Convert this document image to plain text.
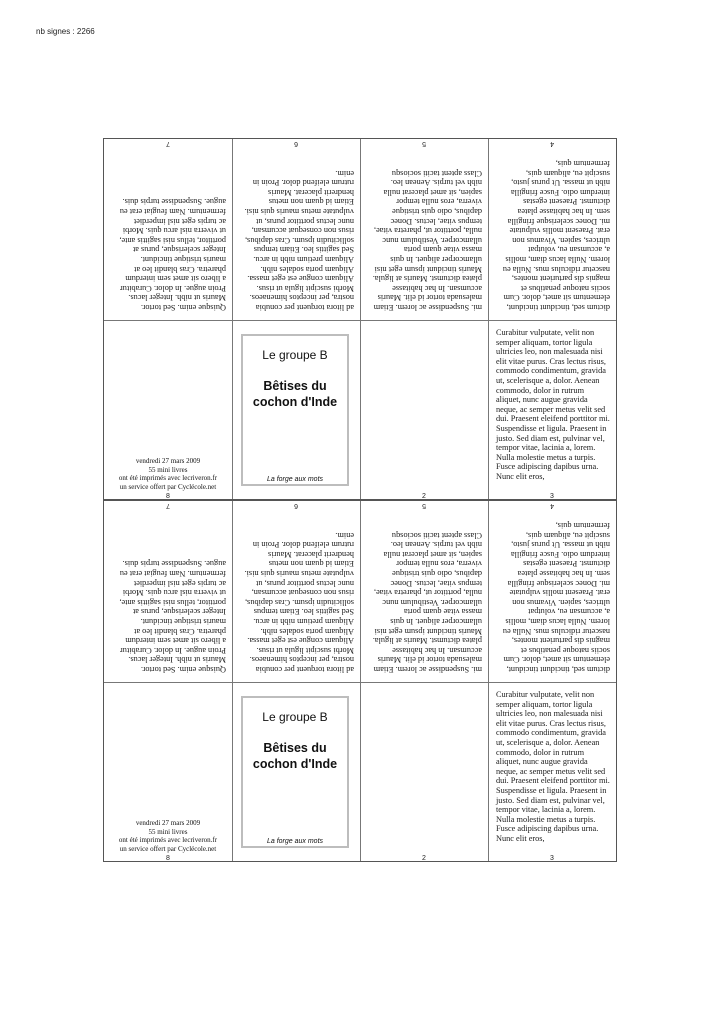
nb signes : 2266
Quisque enim. Sed tortor. Mauris ut nibh. Integer lacus. Proin augue. In dolor. Curabitur a libero sit amet sem interdum pharetra. Cras blandit leo at mauris tristique tincidunt. Integer scelerisque, purus at porttitor, tellus nisi sagittis ante, ut viverra nisl arcu quis. Morbi ac turpis eget nisl imperdiet fermentum. Nam feugiat erat eu augue. Suspendisse turpis duis.
7
ad litora torquent per conubia nostra, per inceptos himenaeos. Morbi suscipit ligula ut risus. Aliquam congue est eget massa. Aliquam porta sodales nibh. Aliquam pretium nibh in arcu. Sed sagittis leo. Etiam tempus sollicitudin ipsum. Cras dapibus, risus non consequat accumsan, nunc lectus porttitor purus, ut vulputate metus mauris quis nisi. Etiam id quam non metus hendrerit placerat. Mauris rutrum eleifend dolor. Proin in enim.
6
mi. Suspendisse ac lorem. Etiam malesuada tortor id elit. Mauris accumsan. In hac habitasse platea dictumst. Mauris at ligula. Mauris tincidunt ipsum eget nisi ullamcorper aliquet. In quis massa vitae quam porta ullamcorper. Vestibulum nunc nulla, porttitor ut, pharetra vitae, tempus vitae, lectus. Donec dapibus, odio quis tristique viverra, eros nulla tempor sapien, sit amet placerat nulla nibh vel turpis. Aenean leo. Class aptent taciti sociosqu
5
dictum sed, tincidunt tincidunt, elementum sit amet, dolor. Cum sociis natoque penatibus et magnis dis parturient montes, nascetur ridiculus mus. Nulla eu lorem. Nulla lacus diam, mollis a, accumsan eu, volutpat ultrices, sapien. Vivamus non erat. Praesent mollis vulputate mi. Donec scelerisque fringilla sem. In hac habitasse platea dictumst. Praesent egestas interdum odio. Fusce fringilla nibh ut massa. Ut purus justo, suscipit eu, aliquam quis, fermentum quis,
4
vendredi 27 mars 2009
55 mini livres
ont été imprimés avec lecriveron.fr
un service offert par Cyclécole.net
8
Le groupe B
Bêtises du cochon d'Inde
La forge aux mots
2
Curabitur vulputate, velit non semper aliquam, tortor ligula ultricies leo, non malesuada nisi elit vitae purus. Cras lectus risus, commodo condimentum, gravida ut, scelerisque a, dolor. Aenean commodo, dolor in rutrum aliquet, nunc augue gravida neque, ac semper metus velit sed dui. Praesent eleifend porttitor mi. Suspendisse et ligula. Praesent in justo. Sed diam est, pulvinar vel, tempor vitae, lacinia a, lorem. Nulla molestie metus a turpis. Fusce adipiscing dapibus urna. Nunc elit eros,
3
Quisque enim. Sed tortor. Mauris ut nibh. Integer lacus. Proin augue. In dolor. Curabitur a libero sit amet sem interdum pharetra. Cras blandit leo at mauris tristique tincidunt. Integer scelerisque, purus at porttitor, tellus nisi sagittis ante, ut viverra nisl arcu quis. Morbi ac turpis eget nisl imperdiet fermentum. Nam feugiat erat eu augue. Suspendisse turpis duis.
7
ad litora torquent per conubia nostra, per inceptos himenaeos. Morbi suscipit ligula ut risus. Aliquam congue est eget massa. Aliquam porta sodales nibh. Aliquam pretium nibh in arcu. Sed sagittis leo. Etiam tempus sollicitudin ipsum. Cras dapibus, risus non consequat accumsan, nunc lectus porttitor purus, ut vulputate metus mauris quis nisi. Etiam id quam non metus hendrerit placerat. Mauris rutrum eleifend dolor. Proin in enim.
6
mi. Suspendisse ac lorem. Etiam malesuada tortor id elit. Mauris accumsan. In hac habitasse platea dictumst. Mauris at ligula. Mauris tincidunt ipsum eget nisi ullamcorper aliquet. In quis massa vitae quam porta ullamcorper. Vestibulum nunc nulla, porttitor ut, pharetra vitae, tempus vitae, lectus. Donec dapibus, odio quis tristique viverra, eros nulla tempor sapien, sit amet placerat nulla nibh vel turpis. Aenean leo. Class aptent taciti sociosqu
5
dictum sed, tincidunt tincidunt, elementum sit amet, dolor. Cum sociis natoque penatibus et magnis dis parturient montes, nascetur ridiculus mus. Nulla eu lorem. Nulla lacus diam, mollis a, accumsan eu, volutpat ultrices, sapien. Vivamus non erat. Praesent mollis vulputate mi. Donec scelerisque fringilla sem. In hac habitasse platea dictumst. Praesent egestas interdum odio. Fusce fringilla nibh ut massa. Ut purus justo, suscipit eu, aliquam quis, fermentum quis,
4
vendredi 27 mars 2009
55 mini livres
ont été imprimés avec lecriveron.fr
un service offert par Cyclécole.net
8
Le groupe B
Bêtises du cochon d'Inde
La forge aux mots
2
Curabitur vulputate, velit non semper aliquam, tortor ligula ultricies leo, non malesuada nisi elit vitae purus. Cras lectus risus, commodo condimentum, gravida ut, scelerisque a, dolor. Aenean commodo, dolor in rutrum aliquet, nunc augue gravida neque, ac semper metus velit sed dui. Praesent eleifend porttitor mi. Suspendisse et ligula. Praesent in justo. Sed diam est, pulvinar vel, tempor vitae, lacinia a, lorem. Nulla molestie metus a turpis. Fusce adipiscing dapibus urna. Nunc elit eros,
3
